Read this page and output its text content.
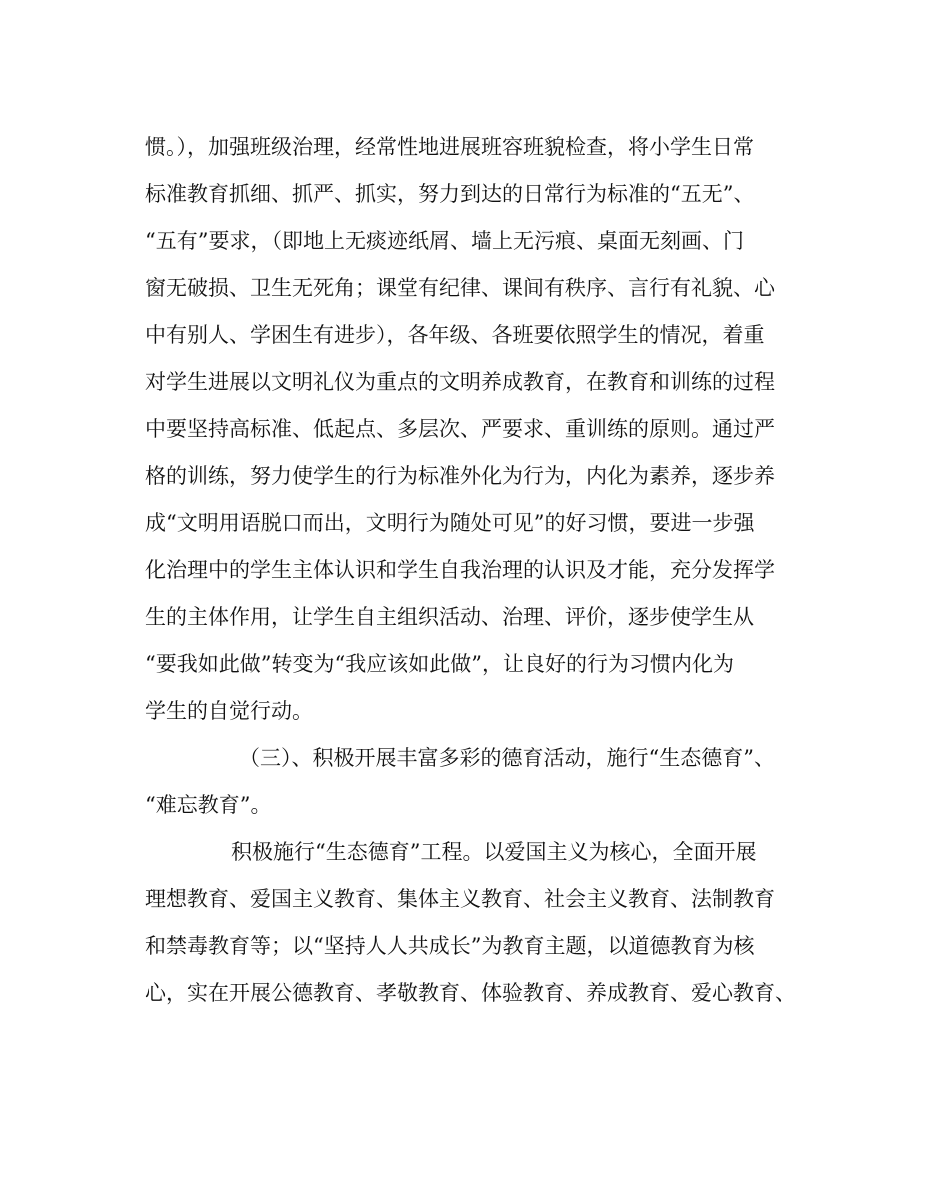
惯。），加强班级治理，经常性地进展班容班貌检查，将小学生日常
标准教育抓细、抓严、抓实，努力到达的日常行为标准的“五无”、
“五有”要求，（即地上无痰迹纸屑、墙上无污痕、桌面无刻画、门
窗无破损、卫生无死角；课堂有纪律、课间有秩序、言行有礼貌、心
中有别人、学困生有进步），各年级、各班要依照学生的情况，着重
对学生进展以文明礼仪为重点的文明养成教育，在教育和训练的过程
中要坚持高标准、低起点、多层次、严要求、重训练的原则。通过严
格的训练，努力使学生的行为标准外化为行为，内化为素养，逐步养
成“文明用语脱口而出，文明行为随处可见”的好习惯，要进一步强
化治理中的学生主体认识和学生自我治理的认识及才能，充分发挥学
生的主体作用，让学生自主组织活动、治理、评价，逐步使学生从
“要我如此做”转变为“我应该如此做”，让良好的行为习惯内化为
学生的自觉行动。
（三）、积极开展丰富多彩的德育活动，施行“生态德育”、
“难忘教育”。
积极施行“生态德育”工程。以爱国主义为核心，全面开展
理想教育、爱国主义教育、集体主义教育、社会主义教育、法制教育
和禁毒教育等；以“坚持人人共成长”为教育主题，以道德教育为核
心，实在开展公德教育、孝敬教育、体验教育、养成教育、爱心教育、
